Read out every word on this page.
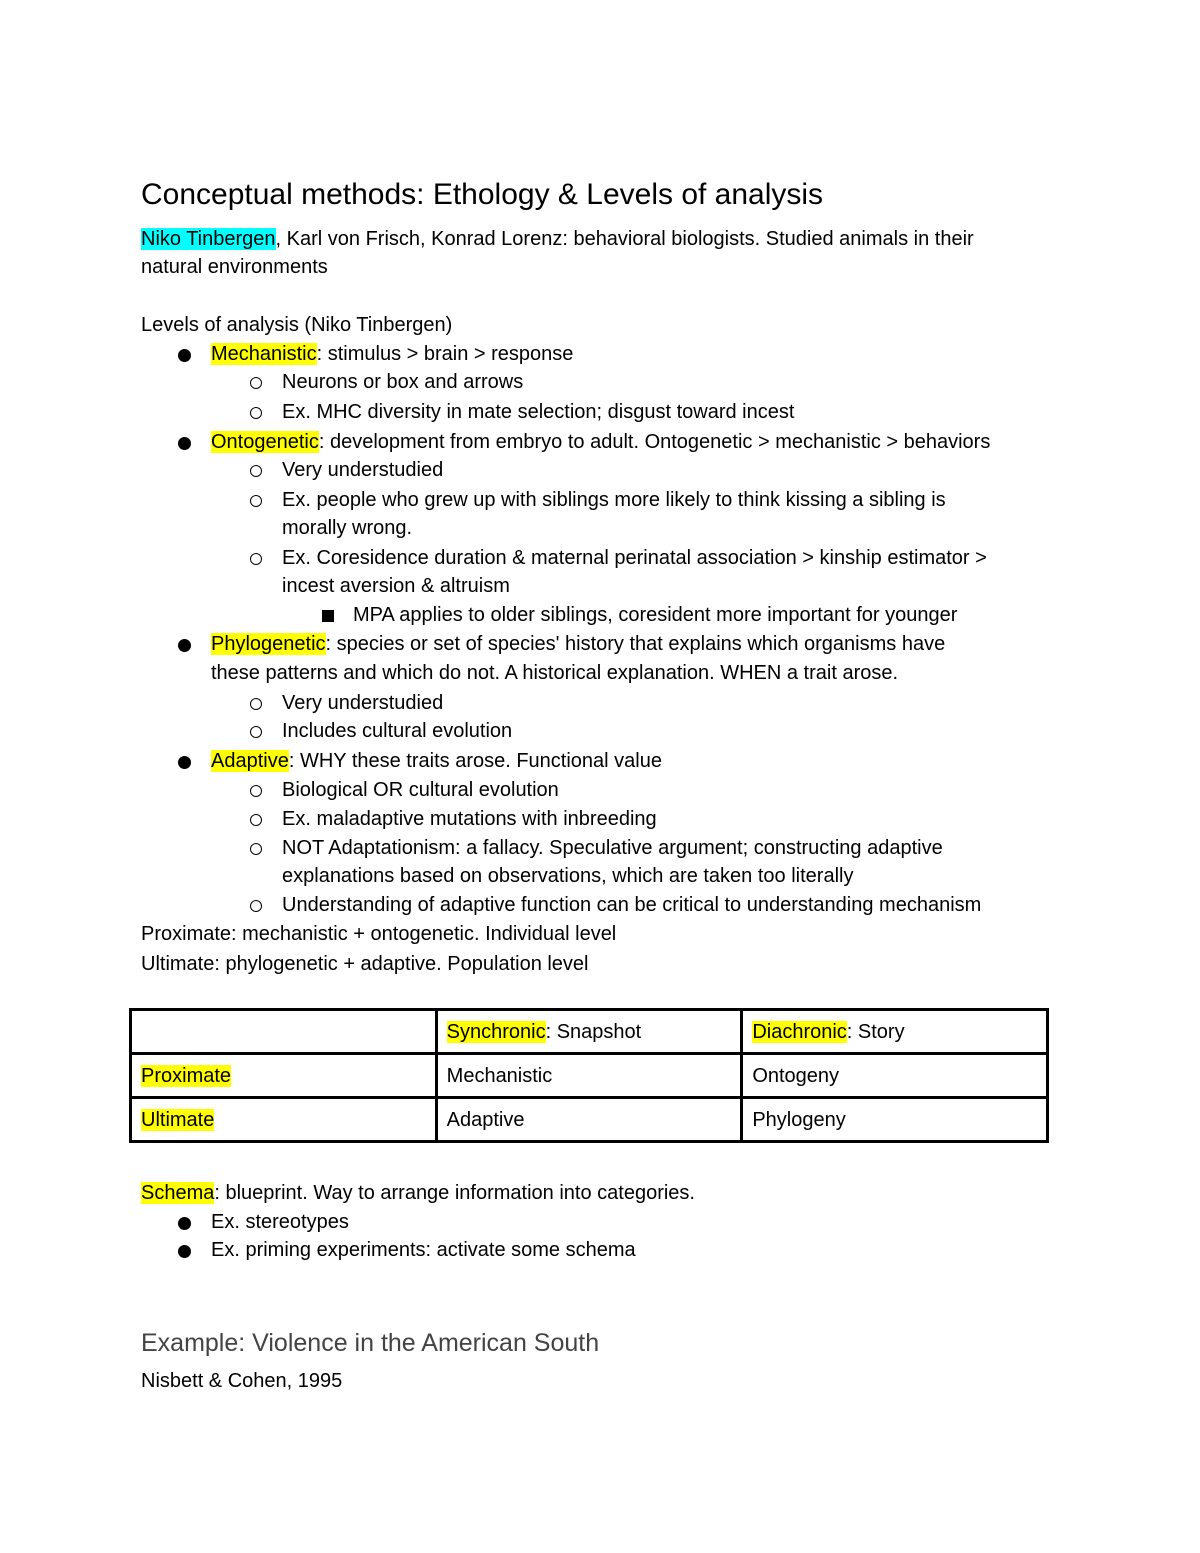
Conceptual methods: Ethology & Levels of analysis
Niko Tinbergen, Karl von Frisch, Konrad Lorenz: behavioral biologists. Studied animals in their
natural environments
Levels of analysis (Niko Tinbergen)
Mechanistic: stimulus > brain > response
Neurons or box and arrows
Ex. MHC diversity in mate selection; disgust toward incest
Ontogenetic: development from embryo to adult. Ontogenetic > mechanistic > behaviors
Very understudied
Ex. people who grew up with siblings more likely to think kissing a sibling is
morally wrong.
Ex. Coresidence duration & maternal perinatal association > kinship estimator >
incest aversion & altruism
MPA applies to older siblings, coresident more important for younger
Phylogenetic: species or set of species' history that explains which organisms have
these patterns and which do not. A historical explanation. WHEN a trait arose.
Very understudied
Includes cultural evolution
Adaptive: WHY these traits arose. Functional value
Biological OR cultural evolution
Ex. maladaptive mutations with inbreeding
NOT Adaptationism: a fallacy. Speculative argument; constructing adaptive
explanations based on observations, which are taken too literally
Understanding of adaptive function can be critical to understanding mechanism
Proximate: mechanistic + ontogenetic. Individual level
Ultimate: phylogenetic + adaptive. Population level
	Synchronic: Snapshot	Diachronic: Story
Proximate	Mechanistic	Ontogeny
Ultimate	Adaptive	Phylogeny
Schema: blueprint. Way to arrange information into categories.
Ex. stereotypes
Ex. priming experiments: activate some schema
Example: Violence in the American South
Nisbett & Cohen, 1995
